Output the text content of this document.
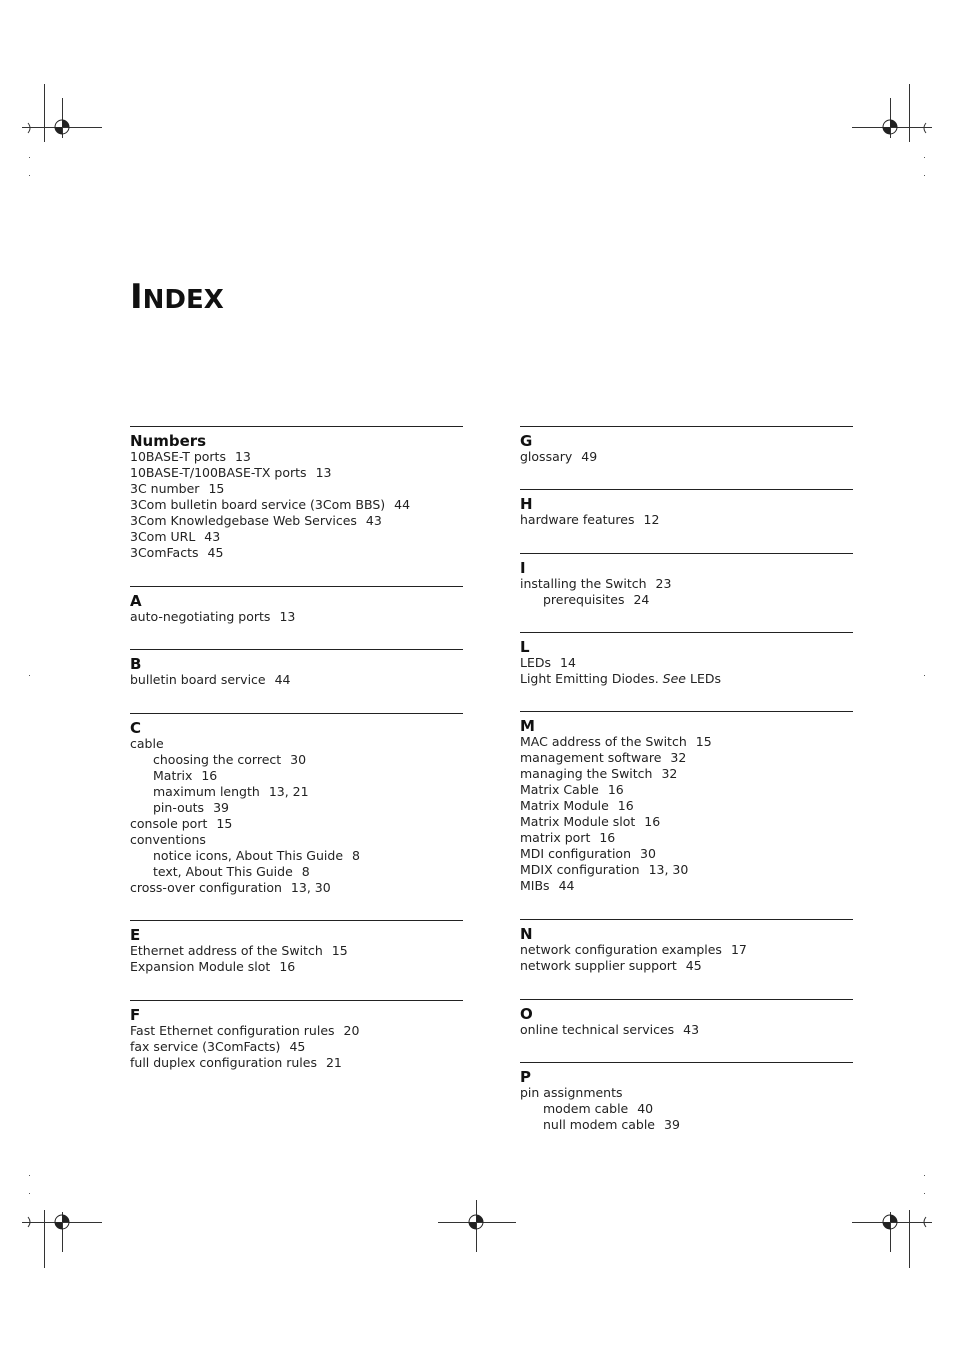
INDEX
Numbers
10BASE-T ports 13
10BASE-T/100BASE-TX ports 13
3C number 15
3Com bulletin board service (3Com BBS) 44
3Com Knowledgebase Web Services 43
3Com URL 43
3ComFacts 45
A
auto-negotiating ports 13
B
bulletin board service 44
C
cable
choosing the correct 30
Matrix 16
maximum length 13, 21
pin-outs 39
console port 15
conventions
notice icons, About This Guide 8
text, About This Guide 8
cross-over configuration 13, 30
E
Ethernet address of the Switch 15
Expansion Module slot 16
F
Fast Ethernet configuration rules 20
fax service (3ComFacts) 45
full duplex configuration rules 21
G
glossary 49
H
hardware features 12
I
installing the Switch 23
prerequisites 24
L
LEDs 14
Light Emitting Diodes. See LEDs
M
MAC address of the Switch 15
management software 32
managing the Switch 32
Matrix Cable 16
Matrix Module 16
Matrix Module slot 16
matrix port 16
MDI configuration 30
MDIX configuration 13, 30
MIBs 44
N
network configuration examples 17
network supplier support 45
O
online technical services 43
P
pin assignments
modem cable 40
null modem cable 39
